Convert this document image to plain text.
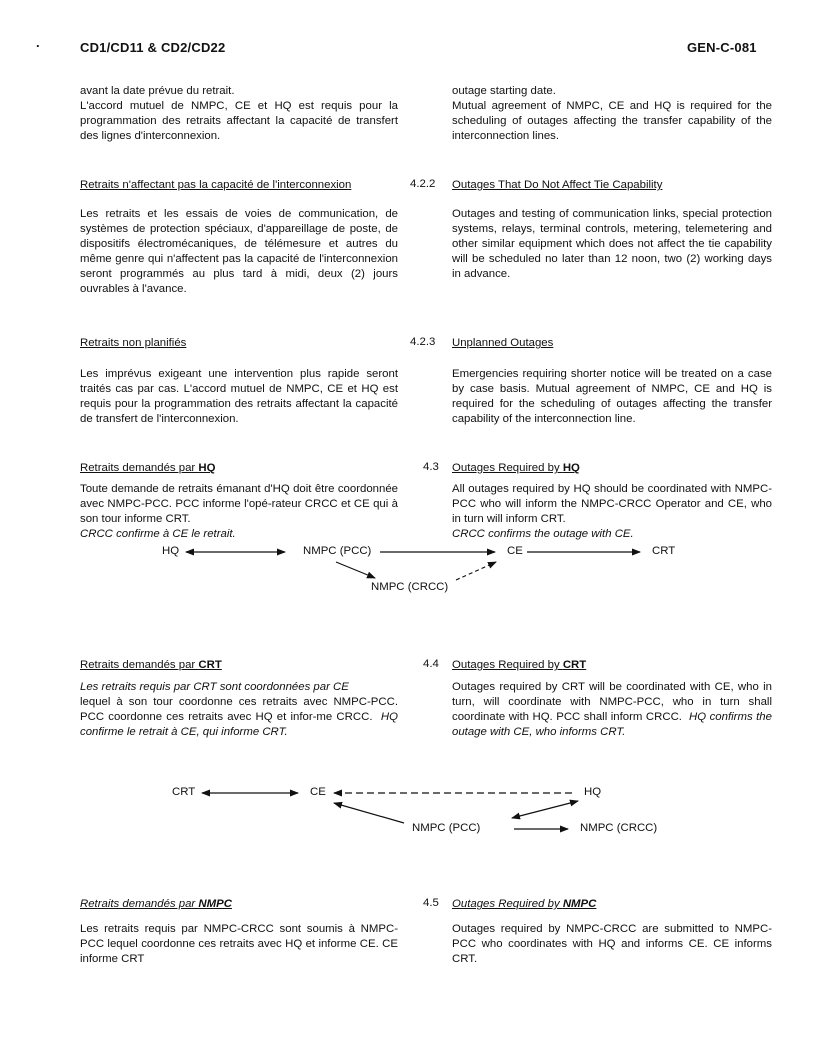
.	CD1/CD11 & CD2/CD22	GEN-C-081
avant la date prévue du retrait.
L'accord mutuel de NMPC, CE et HQ est requis pour la programmation des retraits affectant la capacité de transfert des lignes d'interconnexion.
outage starting date.
Mutual agreement of NMPC, CE and HQ is required for the scheduling of outages affecting the transfer capability of the interconnection lines.
Retraits n'affectant pas la capacité de l'interconnexion	4.2.2 Outages That Do Not Affect Tie Capability
Les retraits et les essais de voies de communication, de systèmes de protection spéciaux, d'appareillage de poste, de dispositifs électromécaniques, de télémesure et autres du même genre qui n'affectent pas la capacité de l'interconnexion seront programmés au plus tard à midi, deux (2) jours ouvrables à l'avance.
Outages and testing of communication links, special protection systems, relays, terminal controls, metering, telemetering and other similar equipment which does not affect the tie capability will be scheduled no later than 12 noon, two (2) working days in advance.
Retraits non planifiés	4.2.3 Unplanned Outages
Les imprévus exigeant une intervention plus rapide seront traités cas par cas. L'accord mutuel de NMPC, CE et HQ est requis pour la programmation des retraits affectant la capacité de transfert de l'interconnexion.
Emergencies requiring shorter notice will be treated on a case by case basis. Mutual agreement of NMPC, CE and HQ is required for the scheduling of outages affecting the transfer capability of the interconnection line.
Retraits demandés par HQ	4.3 Outages Required by HQ
Toute demande de retraits émanant d'HQ doit être coordonnée avec NMPC-PCC. PCC informe l'opé-rateur CRCC et CE qui à son tour informe CRT.
CRCC confirme à CE le retrait.
All outages required by HQ should be coordinated with NMPC-PCC who will inform the NMPC-CRCC Operator and CE, who in turn will inform CRT.
CRCC confirms the outage with CE.
HQ	NMPC (PCC)	CE	CRT
NMPC (CRCC)
Retraits demandés par CRT	4.4 Outages Required by CRT
Les retraits requis par CRT sont coordonnées par CE
lequel à son tour coordonne ces retraits avec NMPC-PCC. PCC coordonne ces retraits avec HQ et infor-me CRCC. HQ confirme le retrait à CE, qui informe CRT.
Outages required by CRT will be coordinated with CE, who in turn, will coordinate with NMPC-PCC, who in turn shall coordinate with HQ. PCC shall inform CRCC. HQ confirms the outage with CE, who informs CRT.
CRT	CE	HQ
NMPC (PCC)	NMPC (CRCC)
Retraits demandés par NMPC	4.5 Outages Required by NMPC
Les retraits requis par NMPC-CRCC sont soumis à NMPC-PCC lequel coordonne ces retraits avec HQ et informe CE. CE informe CRT
Outages required by NMPC-CRCC are submitted to NMPC-PCC who coordinates with HQ and informs CE. CE informs CRT.
